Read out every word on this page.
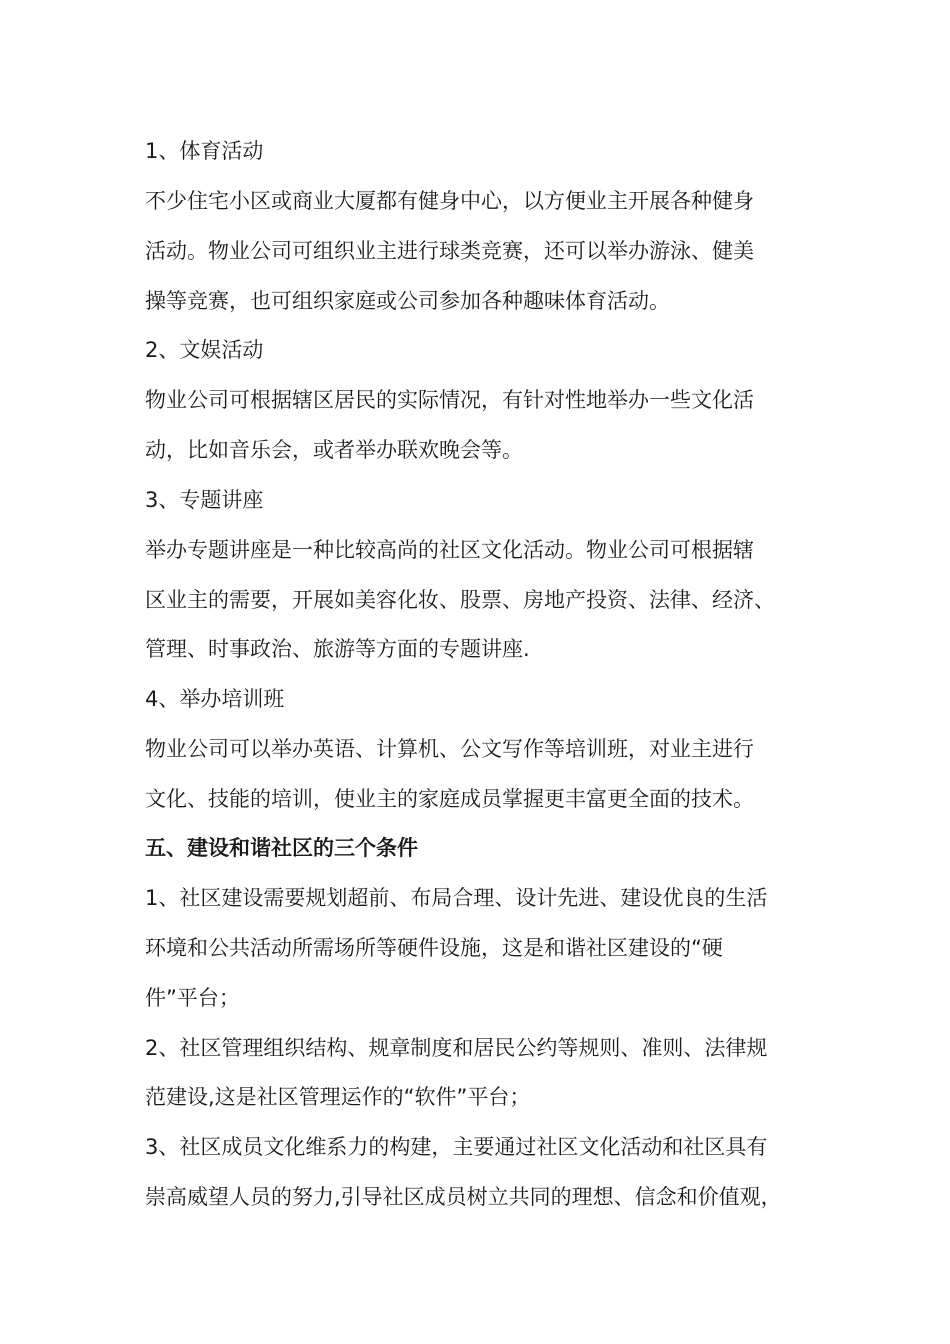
1、体育活动
不少住宅小区或商业大厦都有健身中心，以方便业主开展各种健身
活动。物业公司可组织业主进行球类竞赛，还可以举办游泳、健美
操等竞赛，也可组织家庭或公司参加各种趣味体育活动。
2、文娱活动
物业公司可根据辖区居民的实际情况，有针对性地举办一些文化活
动，比如音乐会，或者举办联欢晚会等。
3、专题讲座
举办专题讲座是一种比较高尚的社区文化活动。物业公司可根据辖
区业主的需要，开展如美容化妆、股票、房地产投资、法律、经济、
管理、时事政治、旅游等方面的专题讲座.
4、举办培训班
物业公司可以举办英语、计算机、公文写作等培训班，对业主进行
文化、技能的培训，使业主的家庭成员掌握更丰富更全面的技术。
五、建设和谐社区的三个条件
1、社区建设需要规划超前、布局合理、设计先进、建设优良的生活
环境和公共活动所需场所等硬件设施，这是和谐社区建设的“硬
件”平台；
2、社区管理组织结构、规章制度和居民公约等规则、准则、法律规
范建设,这是社区管理运作的“软件”平台；
3、社区成员文化维系力的构建，主要通过社区文化活动和社区具有
崇高威望人员的努力,引导社区成员树立共同的理想、信念和价值观，
